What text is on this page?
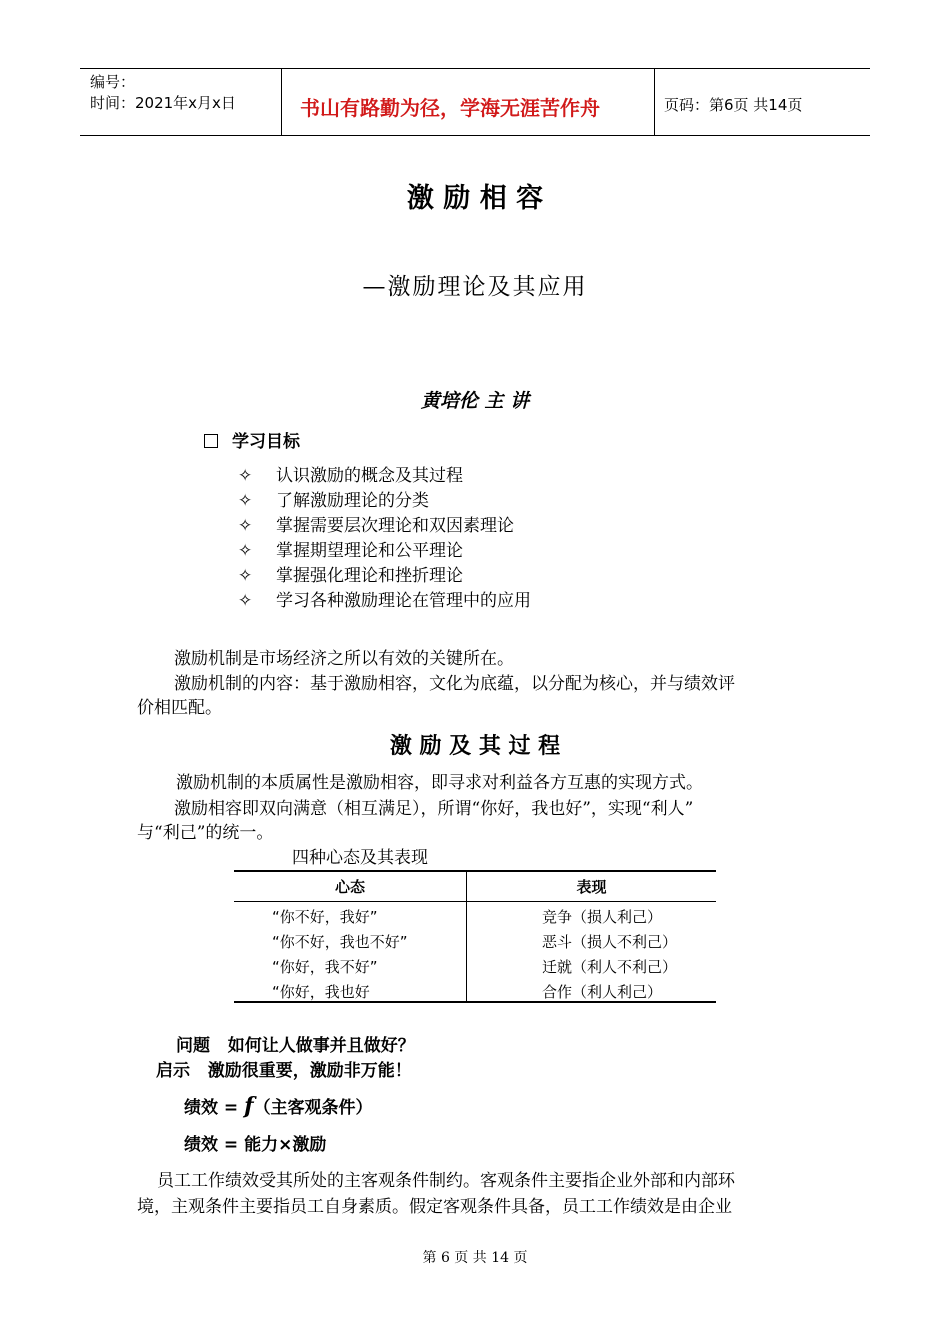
编号：
时间：2021年x月x日	书山有路勤为径，学海无涯苦作舟	页码：第6页 共14页
激 励 相 容
—激励理论及其应用
黄培伦 主 讲
学习目标
✧ 认识激励的概念及其过程
✧ 了解激励理论的分类
✧ 掌握需要层次理论和双因素理论
✧ 掌握期望理论和公平理论
✧ 掌握强化理论和挫折理论
✧ 学习各种激励理论在管理中的应用
激励机制是市场经济之所以有效的关键所在。
激励机制的内容：基于激励相容，文化为底蕴，以分配为核心，并与绩效评
价相匹配。
激 励 及 其 过 程
激励机制的本质属性是激励相容，即寻求对利益各方互惠的实现方式。
激励相容即双向满意（相互满足），所谓“你好，我也好”，实现“利人”
与“利己”的统一。
四种心态及其表现
心态	表现
“你不好，我好”	竞争（损人利己）
“你不好，我也不好”	恶斗（损人不利己）
“你好，我不好”	迁就（利人不利己）
“你好，我也好	合作（利人利己）
问题 如何让人做事并且做好？
启示 激励很重要，激励非万能！
绩效 = f（主客观条件）
绩效 = 能力×激励
员工工作绩效受其所处的主客观条件制约。客观条件主要指企业外部和内部环
境，主观条件主要指员工自身素质。假定客观条件具备，员工工作绩效是由企业
第 6 页 共 14 页
